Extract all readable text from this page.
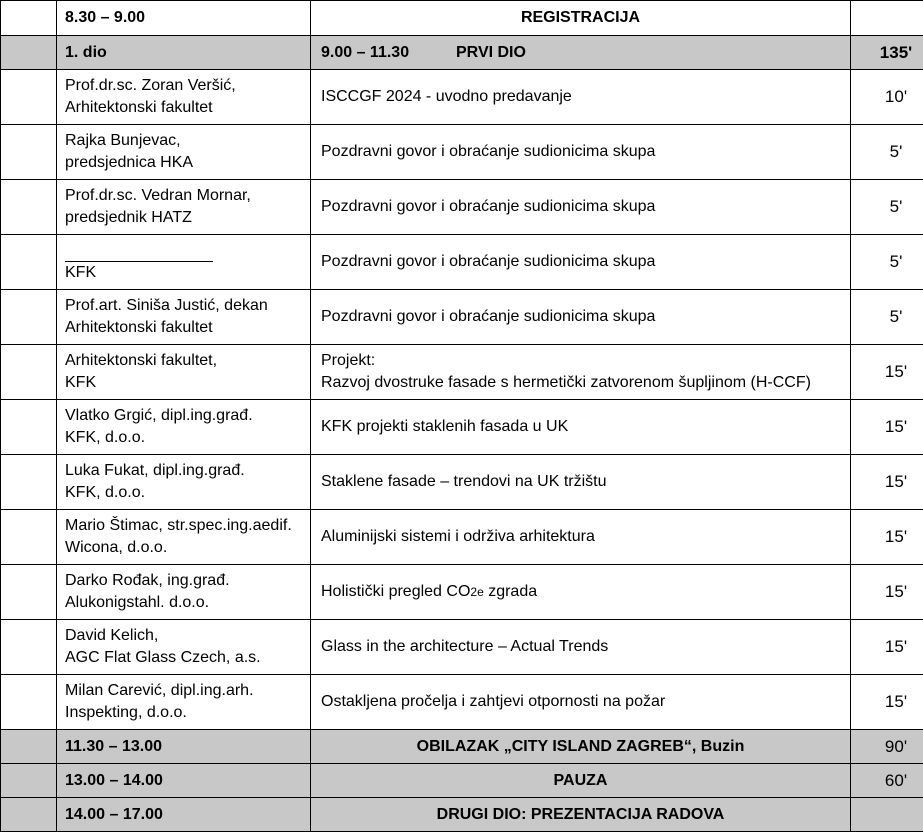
	8.30 – 9.00	REGISTRACIJA	
	1. dio	9.00 – 11.30 PRVI DIO	135'

	Prof.dr.sc. Zoran Veršić,
Arhitektonski fakultet	ISCCGF 2024 - uvodno predavanje	10'

	Rajka Bunjevac,
predsjednica HKA	Pozdravni govor i obraćanje sudionicima skupa	5'

	Prof.dr.sc. Vedran Mornar,
predsjednik HATZ	Pozdravni govor i obraćanje sudionicima skupa	5'

	KFK	Pozdravni govor i obraćanje sudionicima skupa	5'

	Prof.art. Siniša Justić, dekan
Arhitektonski fakultet	Pozdravni govor i obraćanje sudionicima skupa	5'

	Arhitektonski fakultet,
KFK	Projekt:
Razvoj dvostruke fasade s hermetički zatvorenom šupljinom (H-CCF)	15'

	Vlatko Grgić, dipl.ing.građ.
KFK, d.o.o.	KFK projekti staklenih fasada u UK	15'

	Luka Fukat, dipl.ing.građ.
KFK, d.o.o.	Staklene fasade – trendovi na UK tržištu	15'

	Mario Štimac, str.spec.ing.aedif.
Wicona, d.o.o.	Aluminijski sistemi i održiva arhitektura	15'

	Darko Rođak, ing.građ.
Alukonigstahl. d.o.o.	Holistički pregled CO2e zgrada	15'

	David Kelich,
AGC Flat Glass Czech, a.s.	Glass in the architecture – Actual Trends	15'

	Milan Carević, dipl.ing.arh.
Inspekting, d.o.o.	Ostakljena pročelja i zahtjevi otpornosti na požar	15'
	11.30 – 13.00	OBILAZAK „CITY ISLAND ZAGREB“, Buzin	90'
	13.00 – 14.00	PAUZA	60'
	14.00 – 17.00	DRUGI DIO: PREZENTACIJA RADOVA	
